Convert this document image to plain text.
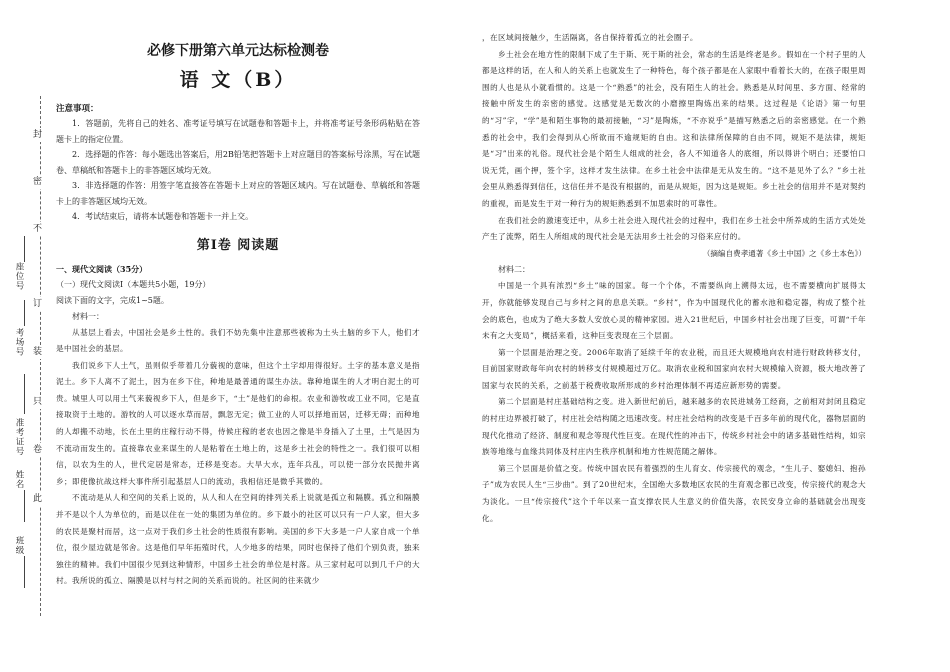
封
密
不
订
装
只
卷
此
座位号
考场号
准考证号
姓名
班级
必修下册第六单元达标检测卷
语 文（B）
注意事项：

1．答题前，先将自己的姓名、准考证号填写在试题卷和答题卡上，并将准考证号条形码粘贴在答题卡上的指定位置。

2．选择题的作答：每小题选出答案后，用2B铅笔把答题卡上对应题目的答案标号涂黑，写在试题卷、草稿纸和答题卡上的非答题区域均无效。

3．非选择题的作答：用签字笔直接答在答题卡上对应的答题区域内。写在试题卷、草稿纸和答题卡上的非答题区域均无效。

4．考试结束后，请将本试题卷和答题卡一并上交。

第Ⅰ卷 阅读题
一、现代文阅读（35分）

（一）现代文阅读Ⅰ（本题共5小题，19分）

阅读下面的文字，完成1~5题。

材料一：

从基层上看去，中国社会是乡土性的。我们不妨先集中注意那些被称为土头土脑的乡下人，他们才是中国社会的基层。

我们说乡下人土气，虽则似乎带着几分藐视的意味，但这个土字却用得很好。土字的基本意义是指泥土。乡下人离不了泥土，因为在乡下住，种地是最普通的谋生办法。靠种地谋生的人才明白泥土的可贵。城里人可以用土气来藐视乡下人，但是乡下，“土”是他们的命根。农业和游牧或工业不同，它是直接取资于土地的。游牧的人可以逐水草而居，飘忽无定；做工业的人可以择地而居，迁移无碍；而种地的人却搬不动地，长在土里的庄稼行动不得，侍候庄稼的老农也因之像是半身插入了土里，土气是因为不流动而发生的。直接靠农业来谋生的人是粘着在土地上的，这是乡土社会的特性之一。我们很可以相信，以农为生的人，世代定居是常态，迁移是变态。大旱大水，连年兵乱，可以使一部分农民抛井离乡；即使像抗战这样大事件所引起基层人口的流动，我相信还是微乎其微的。

不流动是从人和空间的关系上说的，从人和人在空间的排列关系上说就是孤立和隔膜。孤立和隔膜并不是以个人为单位的，而是以住在一处的集团为单位的。乡下最小的社区可以只有一户人家，但大多的农民是聚村而居，这一点对于我们乡土社会的性质很有影响。美国的乡下大多是一户人家自成一个单位，很少屋边就是邻舍。这是他们早年拓殖时代，人少地多的结果，同时也保持了他们个别负责，独来独往的精神。我们中国很少见到这种情形，中国乡土社会的单位是村落。从三家村起可以到几千户的大村。我所说的孤立、隔膜是以村与村之间的关系而说的。社区间的往来就少

，在区域间接触少，生活隔离，各自保持着孤立的社会圈子。

乡土社会在地方性的限制下成了生于斯、死于斯的社会，常态的生活是终老是乡。假如在一个村子里的人都是这样的话，在人和人的关系上也就发生了一种特色，每个孩子都是在人家眼中看着长大的，在孩子眼里周围的人也是从小就看惯的。这是一个“熟悉”的社会，没有陌生人的社会。熟悉是从时间里、多方面、经常的接触中所发生的亲密的感觉。这感觉是无数次的小磨擦里陶炼出来的结果。这过程是《论语》第一句里的“习”字，“学”是和陌生事物的最初接触，“习”是陶炼，“不亦说乎”是描写熟悉之后的亲密感觉。在一个熟悉的社会中，我们会得到从心所欲而不逾规矩的自由。这和法律所保障的自由不同，规矩不是法律，规矩是“习”出来的礼俗。现代社会是个陌生人组成的社会，各人不知道各人的底细，所以得讲个明白；还要怕口说无凭，画个押，签个字，这样才发生法律。在乡土社会中法律是无从发生的。“这不是见外了么？”乡土社会里从熟悉得到信任，这信任并不是没有根据的，而是从规矩，因为这是规矩。乡土社会的信用并不是对契约的重视，而是发生于对一种行为的规矩熟悉到不加思索时的可靠性。

在我们社会的激速变迁中，从乡土社会进入现代社会的过程中，我们在乡土社会中所养成的生活方式处处产生了流弊，陌生人所组成的现代社会是无法用乡土社会的习俗来应付的。

（摘编自费孝通著《乡土中国》之《乡土本色》）

材料二：

中国是一个具有浓烈“乡土”味的国家。每一个个体，不需要纵向上溯得太远，也不需要横向扩展得太开，你就能够发现自己与乡村之间的息息关联。“乡村”，作为中国现代化的蓄水池和稳定器，构成了整个社会的底色，也成为了绝大多数人安放心灵的精神家园。进入21世纪后，中国乡村社会出现了巨变，可谓“千年未有之大变局”，概括来看，这种巨变表现在三个层面。

第一个层面是治理之变。2006年取消了延续千年的农业税，而且还大规模地向农村进行财政转移支付，目前国家财政每年向农村的转移支付规模超过万亿。取消农业税和国家向农村大规模输入资源，极大地改善了国家与农民的关系，之前基于税费收取所形成的乡村治理体制不再适应新形势的需要。

第二个层面是村庄基础结构之变。进入新世纪前后，越来越多的农民进城务工经商，之前相对封闭且稳定的村庄边界被打破了，村庄社会结构随之迅速改变。村庄社会结构的改变是千百多年前的现代化，器物层面的现代化推动了经济、制度和观念等现代性巨变。在现代性的冲击下，传统乡村社会中的诸多基础性结构，如宗族等地缘与血缘共同体及村庄内生秩序机制和地方性规范随之解体。

第三个层面是价值之变。传统中国农民有着强烈的生儿育女、传宗接代的观念，“生儿子、娶媳妇、抱孙子”成为农民人生“三步曲”。到了20世纪末，全国绝大多数地区农民的生育观念都已改变，传宗接代的观念大为淡化。一旦“传宗接代”这个千年以来一直支撑农民人生意义的价值失落，农民安身立命的基础就会出现变化。
